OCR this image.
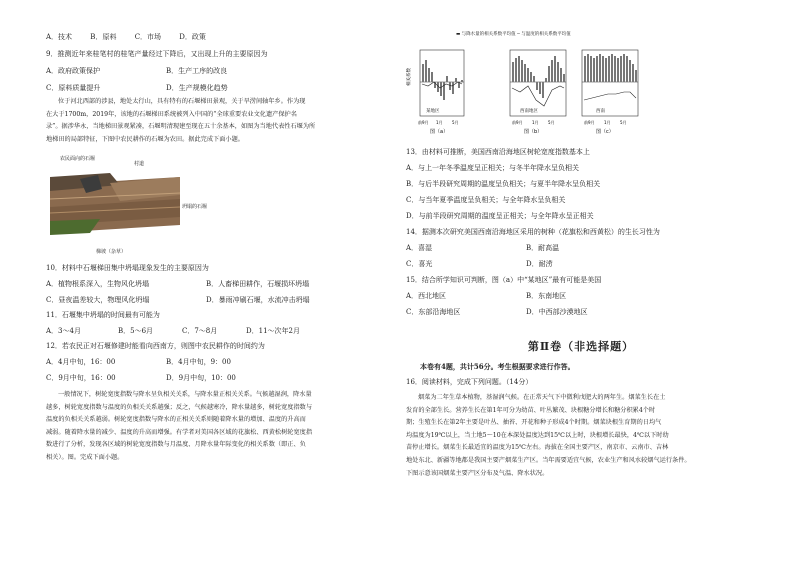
A．技术	B．原料	C．市场	D．政策
9．推测近年来桂笔村的桂笔产量经过下降后，又出现上升的主要原因为
A．政府政策保护	B．生产工序的改良
C．原料质量提升	D．生产规模化趋势
位于河北西部的涉县，地处太行山，具有特有的石堰梯田景观，关于旱涝间轴年乡。作为现
在大于1700m，2019年，该地的石堰梯田系统被列入中国的“全球重要农业文化遗产保护名
录”。据涉华永，当地梯田景观紧凑，石堰明清现建至现在五十余基本，如图为当地代表性石堰为所
地梯田的局部特征，下图中农民耕作的石堰为农田。据此完成下面小题。
农民面向的石堰
村道
坍塌的石堰
梯坡（杂草）
10．材料中石堰梯田集中坍塌现象发生的主要原因为
A．植物根系深入，生物风化坍塌	B．人畜梯田耕作，石堰损坏坍塌
C．昼夜温差较大，物理风化坍塌	D．暴雨冲刷石堰，水流冲击坍塌
11．石堰集中坍塌的时间最有可能为
A．3～4月	B．5～6月	C．7～8月	D．11～次年2月
12．若农民正对石堰修建时能看向西南方，则图中农民耕作的时间约为
A．4月中旬，16：00	B．4月中旬，9：00
C．9月中旬，16：00	D．9月中旬，10：00
一般情况下，树轮宽度指数与降水呈负相关关系，与降水量正相关关系。气候越湿润，降水量
越多，树轮宽度指数与温度的负相关关系越强；反之，气候越寒冷，降水量越多，树轮宽度指数与
温度的负相关关系越弱。树轮宽度指数与降水的正相关关系则随着降水量的增加、温度的升高而
减弱。随着降水量的减少、温度的升高而增强。有学者对美国各区域的花旗松、西黄松树轮宽度指
数进行了分析，发现各区域的树轮宽度指数与月温度、月降水量年际变化的相关系数（即正、负
相关）。图。完成下面小题。
▬ 与降水量的相关系数平均值 ─ 与温度的相关系数平均值
相关系数
某地区
前9月 1月 5月
图（a）
西南地区
前9月 1月 5月
图（b）
西南
前9月 1月 5月
图（c）
13．由材料可推断，美国西南沿海地区树轮宽度指数基本上
A．与上一年冬季温度呈正相关；与冬半年降水呈负相关
B．与后半段研究周期的温度呈负相关；与夏半年降水呈负相关
C．与当年夏季温度呈负相关；与全年降水呈负相关
D．与前半段研究周期的温度呈正相关；与全年降水呈正相关
14．据测本次研究美国西南沿海地区采用的树种（花旗松和西黄松）的生长习性为
A．喜湿	B．耐高温
C．喜光	D．耐涝
15．结合所学知识可判断，图（a）中“某地区”最有可能是美国
A．西北地区	B．东南地区
C．东部沿海地区	D．中西部沙漠地区
第Ⅱ卷（非选择题）
本卷有4题，共计56分。考生根据要求进行作答。
16．阅读材料，完成下列问题。（14分）
烟菜为二年生草本植物，基湿润气候。在正常天气下中微利戊肥大的两年生。烟菜生长在土
发育的全部生长。营养生长在第1年可分为幼苗、叶丛繁茂、块根糖分增长和糖分积累4个时
期；生殖生长在第2年主要是叶丛、抽苔、开花和种子形成4个时期。烟菜块根生育期的日均气
均温度为19℃以上，当土地5～10在本深处温度达到15℃以上时，块根增长最快，4℃以下时幼
苗停止增长。烟菜生长最适宜的温度为15℃左右。海拔在全国主要产区，南京市、云南市、吉林
地处东北、新疆等地都是我国主要产烟菜生产区。当年需要适宜气候，农业生产和风水较烟气运行条件。
下图示意该国烟菜主要产区分布及气温、降水状况。
